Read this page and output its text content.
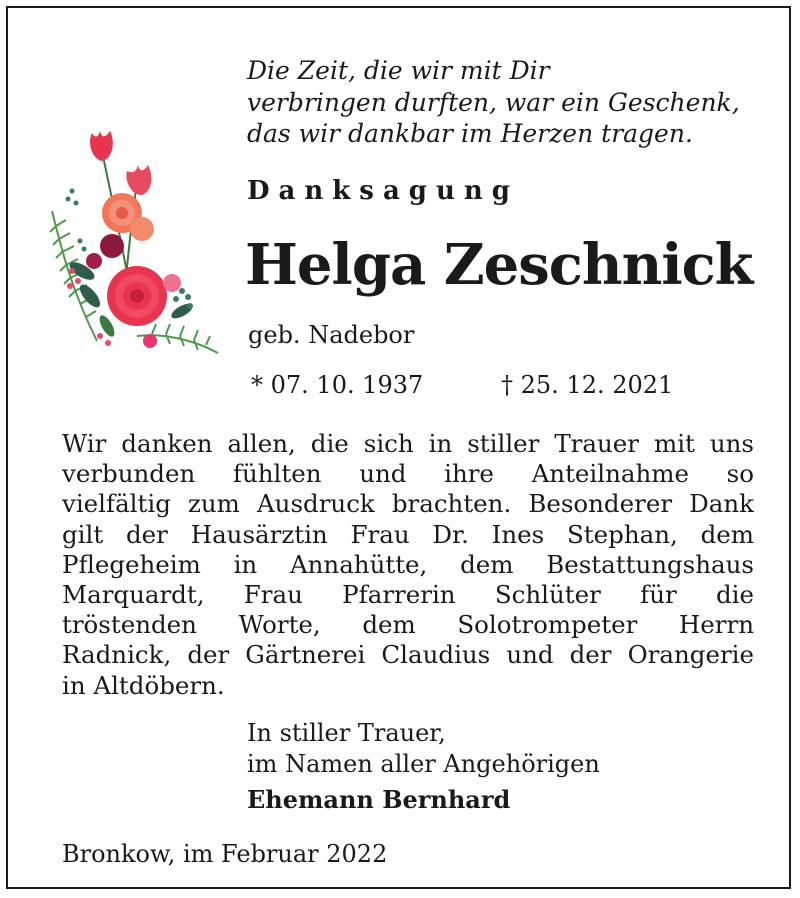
Die Zeit, die wir mit Dir
verbringen durften, war ein Geschenk,
das wir dankbar im Herzen tragen.
Danksagung
Helga Zeschnick
geb. Nadebor
* 07. 10. 1937	† 25. 12. 2021
Wir danken allen, die sich in stiller Trauer mit uns
verbunden fühlten und ihre Anteilnahme so
vielfältig zum Ausdruck brachten. Besonderer Dank
gilt der Hausärztin Frau Dr. Ines Stephan, dem
Pflegeheim in Annahütte, dem Bestattungshaus
Marquardt, Frau Pfarrerin Schlüter für die
tröstenden Worte, dem Solotrompeter Herrn
Radnick, der Gärtnerei Claudius und der Orangerie
in Altdöbern.
In stiller Trauer,
im Namen aller Angehörigen
Ehemann Bernhard
Bronkow, im Februar 2022
